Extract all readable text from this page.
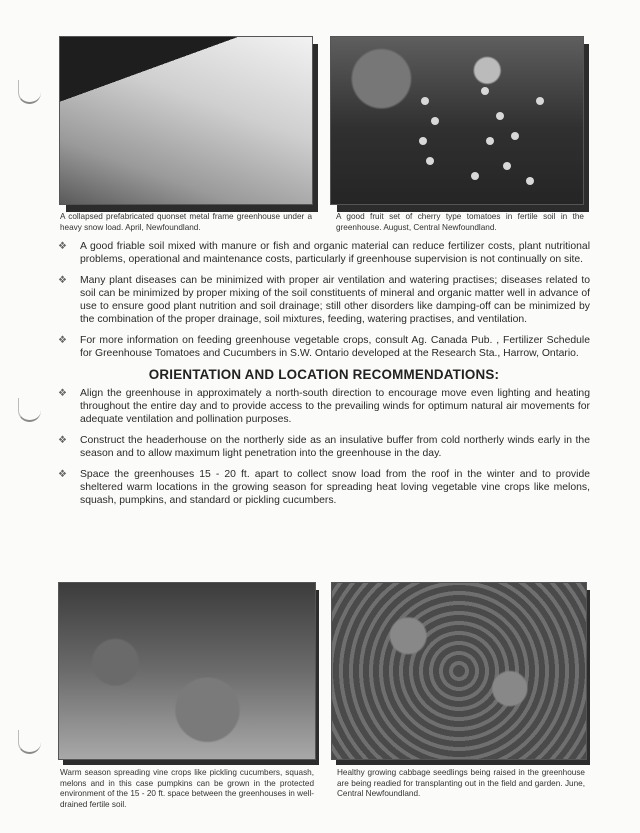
A collapsed prefabricated quonset metal frame greenhouse under a heavy snow load. April, Newfoundland.
A good fruit set of cherry type tomatoes in fertile soil in the greenhouse. August, Central Newfoundland.
❖ A good friable soil mixed with manure or fish and organic material can reduce fertilizer costs, plant nutritional problems, operational and maintenance costs, particularly if greenhouse supervision is not continually on site.
❖ Many plant diseases can be minimized with proper air ventilation and watering practises; diseases related to soil can be minimized by proper mixing of the soil constituents of mineral and organic matter well in advance of use to ensure good plant nutrition and soil drainage; still other disorders like damping-off can be minimized by the combination of the proper drainage, soil mixtures, feeding, watering practises, and ventilation.
❖ For more information on feeding greenhouse vegetable crops, consult Ag. Canada Pub. , Fertilizer Schedule for Greenhouse Tomatoes and Cucumbers in S.W. Ontario developed at the Research Sta., Harrow, Ontario.
ORIENTATION AND LOCATION RECOMMENDATIONS:
❖ Align the greenhouse in approximately a north-south direction to encourage move even lighting and heating throughout the entire day and to provide access to the prevailing winds for optimum natural air movements for adequate ventilation and pollination purposes.
❖ Construct the headerhouse on the northerly side as an insulative buffer from cold northerly winds early in the season and to allow maximum light penetration into the greenhouse in the day.
❖ Space the greenhouses 15 - 20 ft. apart to collect snow load from the roof in the winter and to provide sheltered warm locations in the growing season for spreading heat loving vegetable vine crops like melons, squash, pumpkins, and standard or pickling cucumbers.
Warm season spreading vine crops like pickling cucumbers, squash, melons and in this case pumpkins can be grown in the protected environment of the 15 - 20 ft. space between the greenhouses in well-drained fertile soil.
Healthy growing cabbage seedlings being raised in the greenhouse are being readied for transplanting out in the field and garden. June, Central Newfoundland.
